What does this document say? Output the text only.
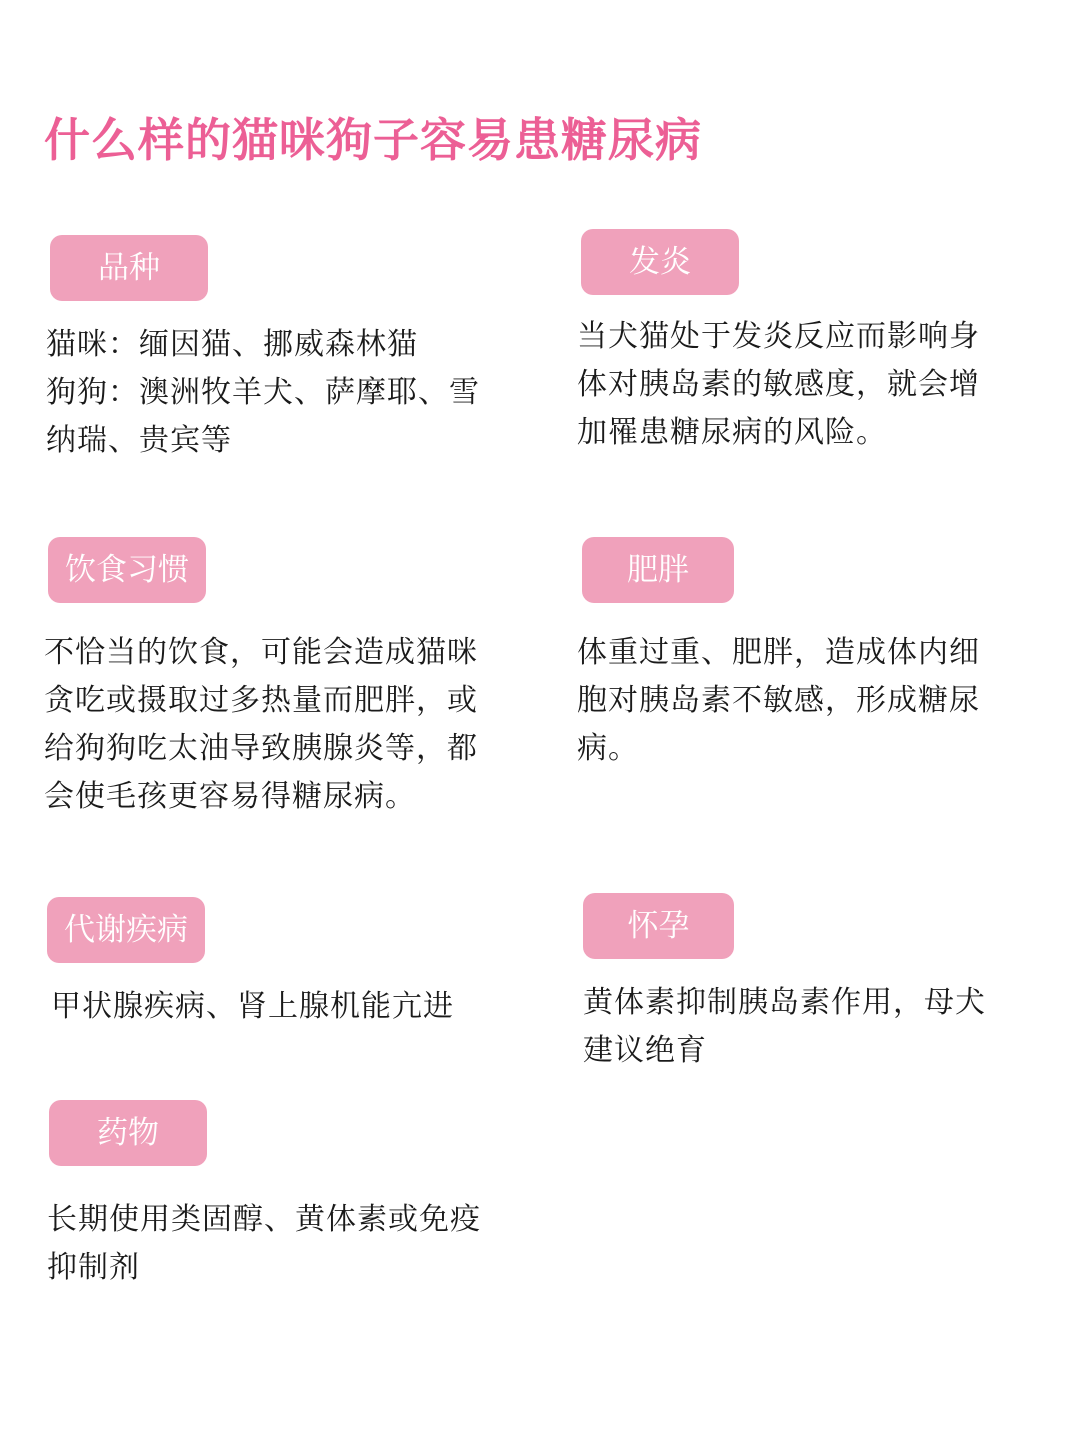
什么样的猫咪狗子容易患糖尿病
品种
猫咪：缅因猫、挪威森林猫
狗狗：澳洲牧羊犬、萨摩耶、雪
纳瑞、贵宾等
发炎
当犬猫处于发炎反应而影响身
体对胰岛素的敏感度，就会增
加罹患糖尿病的风险。
饮食习惯
不恰当的饮食，可能会造成猫咪
贪吃或摄取过多热量而肥胖，或
给狗狗吃太油导致胰腺炎等，都
会使毛孩更容易得糖尿病。
肥胖
体重过重、肥胖，造成体内细
胞对胰岛素不敏感，形成糖尿
病。
代谢疾病
甲状腺疾病、肾上腺机能亢进
怀孕
黄体素抑制胰岛素作用，母犬
建议绝育
药物
长期使用类固醇、黄体素或免疫
抑制剂
